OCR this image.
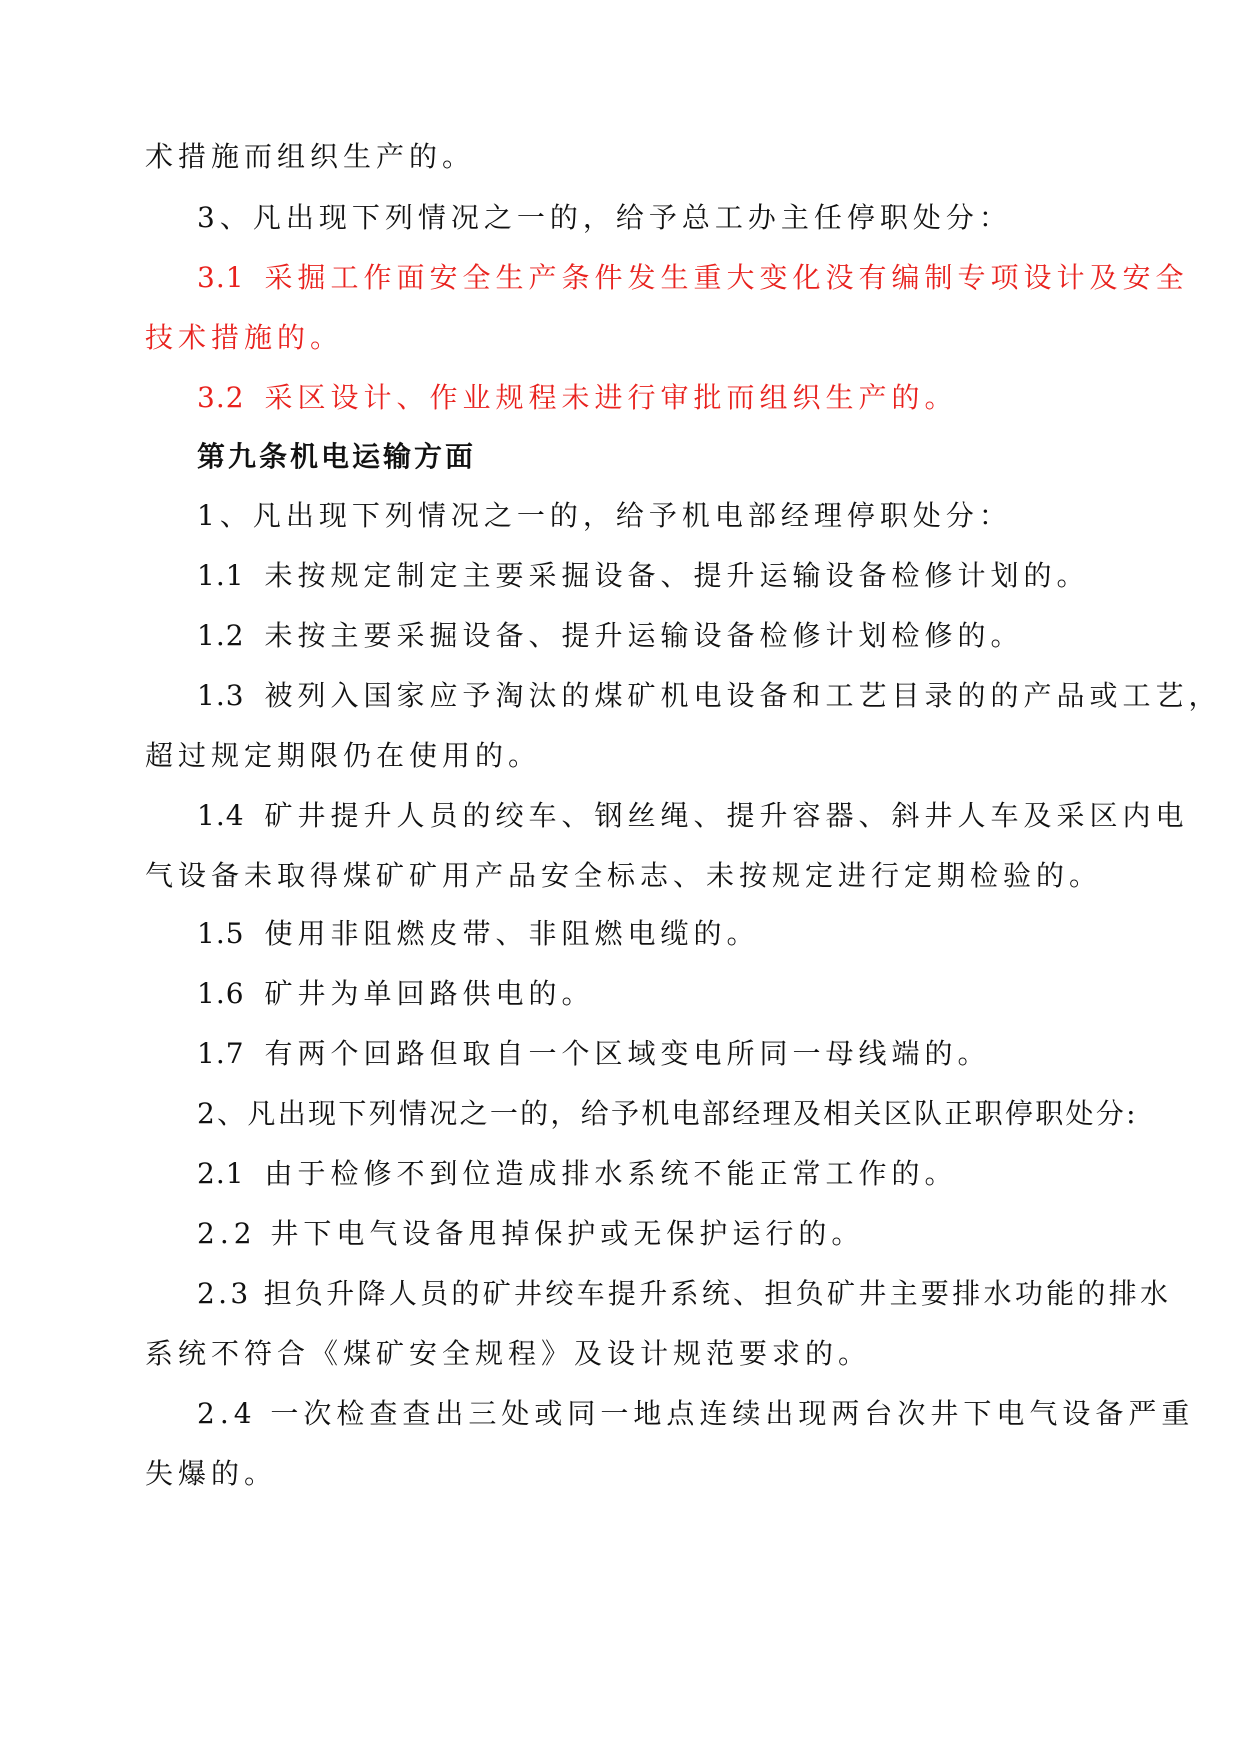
术措施而组织生产的。
3、凡出现下列情况之一的，给予总工办主任停职处分：
3.1 采掘工作面安全生产条件发生重大变化没有编制专项设计及安全
技术措施的。
3.2 采区设计、作业规程未进行审批而组织生产的。
第九条机电运输方面
1、凡出现下列情况之一的，给予机电部经理停职处分：
1.1 未按规定制定主要采掘设备、提升运输设备检修计划的。
1.2 未按主要采掘设备、提升运输设备检修计划检修的。
1.3 被列入国家应予淘汰的煤矿机电设备和工艺目录的的产品或工艺，
超过规定期限仍在使用的。
1.4 矿井提升人员的绞车、钢丝绳、提升容器、斜井人车及采区内电
气设备未取得煤矿矿用产品安全标志、未按规定进行定期检验的。
1.5 使用非阻燃皮带、非阻燃电缆的。
1.6 矿井为单回路供电的。
1.7 有两个回路但取自一个区域变电所同一母线端的。
2、凡出现下列情况之一的，给予机电部经理及相关区队正职停职处分:
2.1 由于检修不到位造成排水系统不能正常工作的。
2.2 井下电气设备甩掉保护或无保护运行的。
2.3 担负升降人员的矿井绞车提升系统、担负矿井主要排水功能的排水
系统不符合《煤矿安全规程》及设计规范要求的。
2.4 一次检查查出三处或同一地点连续出现两台次井下电气设备严重
失爆的。
